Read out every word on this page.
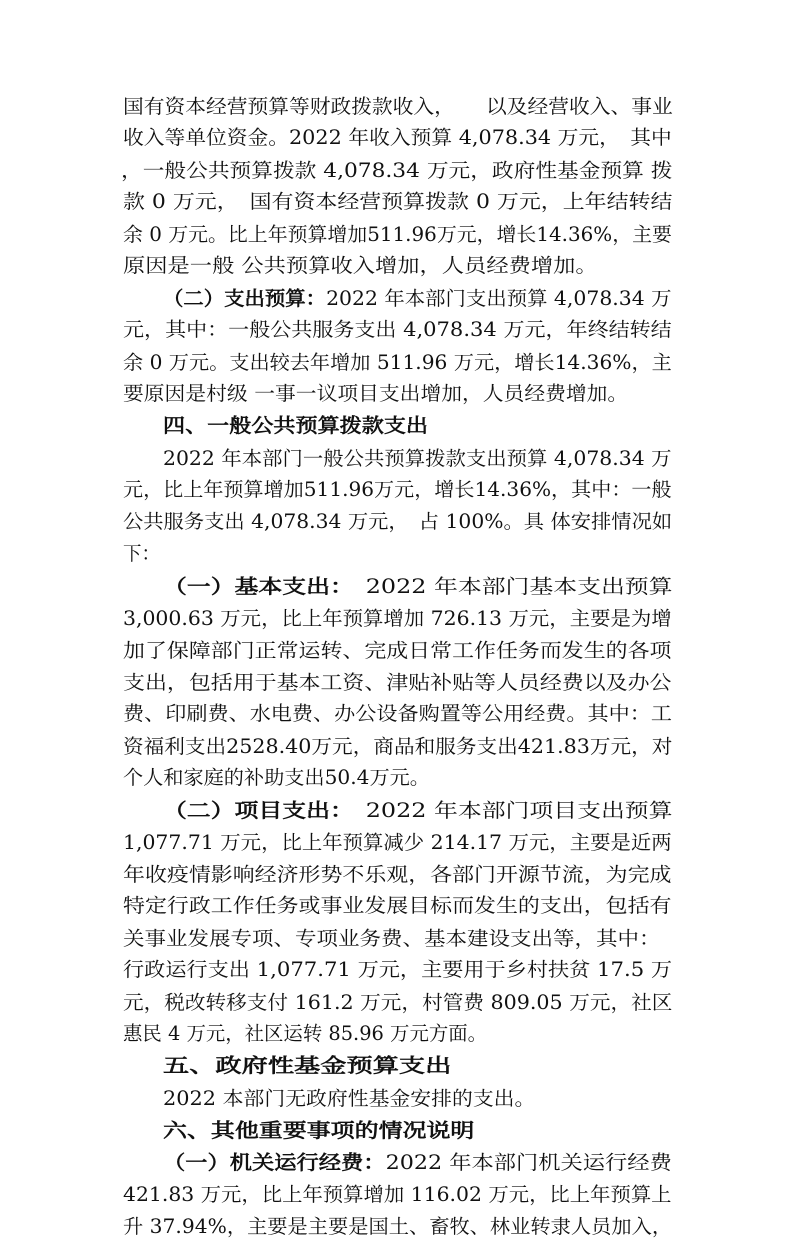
国有资本经营预算等财政拨款收入，　　以及经营收入、事业
收入等单位资金。2022 年收入预算 4,078.34 万元，　其中
，一般公共预算拨款 4,078.34 万元，政府性基金预算 拨
款 0 万元，　国有资本经营预算拨款 0 万元，上年结转结
余 0 万元。比上年预算增加511.96万元，增长14.36%，主要
原因是一般 公共预算收入增加，人员经费增加。
（二）支出预算：2022 年本部门支出预算 4,078.34 万
元，其中：一般公共服务支出 4,078.34 万元，年终结转结
余 0 万元。支出较去年增加 511.96 万元，增长14.36%，主
要原因是村级 一事一议项目支出增加，人员经费增加。
四、一般公共预算拨款支出
2022 年本部门一般公共预算拨款支出预算 4,078.34 万
元，比上年预算增加511.96万元，增长14.36%，其中：一般
公共服务支出 4,078.34 万元，　占 100%。具 体安排情况如
下：
（一）基本支出：　2022 年本部门基本支出预算
3,000.63 万元，比上年预算增加 726.13 万元，主要是为增
加了保障部门正常运转、完成日常工作任务而发生的各项
支出，包括用于基本工资、津贴补贴等人员经费以及办公
费、印刷费、水电费、办公设备购置等公用经费。其中：工
资福利支出2528.40万元，商品和服务支出421.83万元，对
个人和家庭的补助支出50.4万元。
（二）项目支出：　2022 年本部门项目支出预算
1,077.71 万元，比上年预算减少 214.17 万元，主要是近两
年收疫情影响经济形势不乐观，各部门开源节流，为完成
特定行政工作任务或事业发展目标而发生的支出，包括有
关事业发展专项、专项业务费、基本建设支出等，其中：
行政运行支出 1,077.71 万元，主要用于乡村扶贫 17.5 万
元，税改转移支付 161.2 万元，村管费 809.05 万元，社区
惠民 4 万元，社区运转 85.96 万元方面。
五、政府性基金预算支出
2022 本部门无政府性基金安排的支出。
六、其他重要事项的情况说明
（一）机关运行经费：2022 年本部门机关运行经费
421.83 万元，比上年预算增加 116.02 万元，比上年预算上
升 37.94%，主要是主要是国土、畜牧、林业转隶人员加入，
